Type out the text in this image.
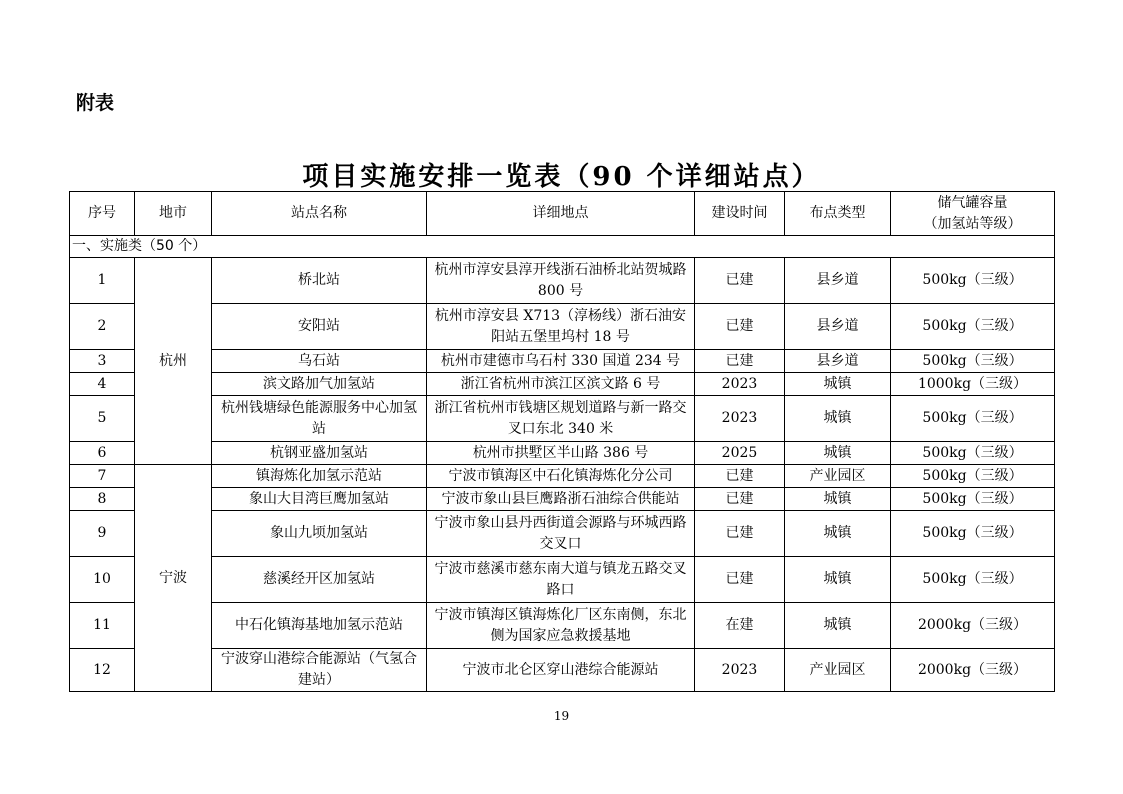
附表
项目实施安排一览表（90 个详细站点）
序号	地市	站点名称	详细地点	建设时间	布点类型	储气罐容量
（加氢站等级）
一、实施类（50 个）						
1	杭州	桥北站	杭州市淳安县淳开线浙石油桥北站贺城路 800 号	已建	县乡道	500kg（三级）
2		安阳站	杭州市淳安县 X713（淳杨线）浙石油安阳站五堡里坞村 18 号	已建	县乡道	500kg（三级）
3		乌石站	杭州市建德市乌石村 330 国道 234 号	已建	县乡道	500kg（三级）
4		滨文路加气加氢站	浙江省杭州市滨江区滨文路 6 号	2023	城镇	1000kg（三级）
5		杭州钱塘绿色能源服务中心加氢站	浙江省杭州市钱塘区规划道路与新一路交叉口东北 340 米	2023	城镇	500kg（三级）
6		杭钢亚盛加氢站	杭州市拱墅区半山路 386 号	2025	城镇	500kg（三级）
7	宁波	镇海炼化加氢示范站	宁波市镇海区中石化镇海炼化分公司	已建	产业园区	500kg（三级）
8		象山大目湾巨鹰加氢站	宁波市象山县巨鹰路浙石油综合供能站	已建	城镇	500kg（三级）
9		象山九顷加氢站	宁波市象山县丹西街道会源路与环城西路交叉口	已建	城镇	500kg（三级）
10		慈溪经开区加氢站	宁波市慈溪市慈东南大道与镇龙五路交叉路口	已建	城镇	500kg（三级）
11		中石化镇海基地加氢示范站	宁波市镇海区镇海炼化厂区东南侧，东北侧为国家应急救援基地	在建	城镇	2000kg（三级）
12		宁波穿山港综合能源站（气氢合建站）	宁波市北仑区穿山港综合能源站	2023	产业园区	2000kg（三级）
19
